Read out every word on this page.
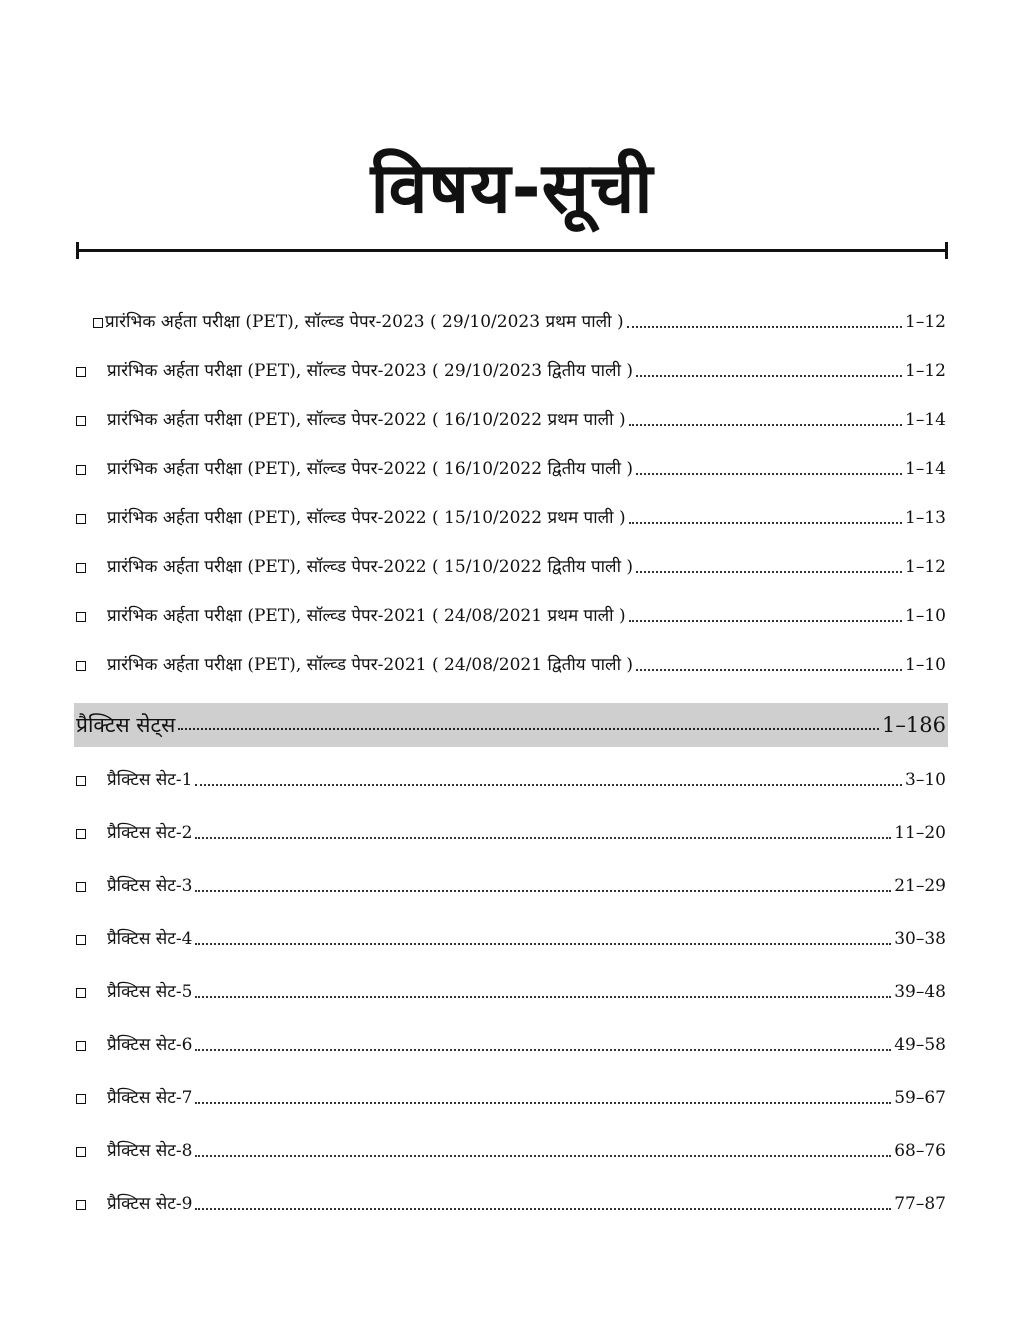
विषय-सूची
प्रारंभिक अर्हता परीक्षा (PET), सॉल्व्ड पेपर-2023 ( 29/10/2023 प्रथम पाली )	1–12
प्रारंभिक अर्हता परीक्षा (PET), सॉल्व्ड पेपर-2023 ( 29/10/2023 द्वितीय पाली )	1–12
प्रारंभिक अर्हता परीक्षा (PET), सॉल्व्ड पेपर-2022 ( 16/10/2022 प्रथम पाली )	1–14
प्रारंभिक अर्हता परीक्षा (PET), सॉल्व्ड पेपर-2022 ( 16/10/2022 द्वितीय पाली )	1–14
प्रारंभिक अर्हता परीक्षा (PET), सॉल्व्ड पेपर-2022 ( 15/10/2022 प्रथम पाली )	1–13
प्रारंभिक अर्हता परीक्षा (PET), सॉल्व्ड पेपर-2022 ( 15/10/2022 द्वितीय पाली )	1–12
प्रारंभिक अर्हता परीक्षा (PET), सॉल्व्ड पेपर-2021 ( 24/08/2021 प्रथम पाली )	1–10
प्रारंभिक अर्हता परीक्षा (PET), सॉल्व्ड पेपर-2021 ( 24/08/2021 द्वितीय पाली )	1–10
प्रैक्टिस सेट्स	1–186
प्रैक्टिस सेट-1	3–10
प्रैक्टिस सेट-2	11–20
प्रैक्टिस सेट-3	21–29
प्रैक्टिस सेट-4	30–38
प्रैक्टिस सेट-5	39–48
प्रैक्टिस सेट-6	49–58
प्रैक्टिस सेट-7	59–67
प्रैक्टिस सेट-8	68–76
प्रैक्टिस सेट-9	77–87
